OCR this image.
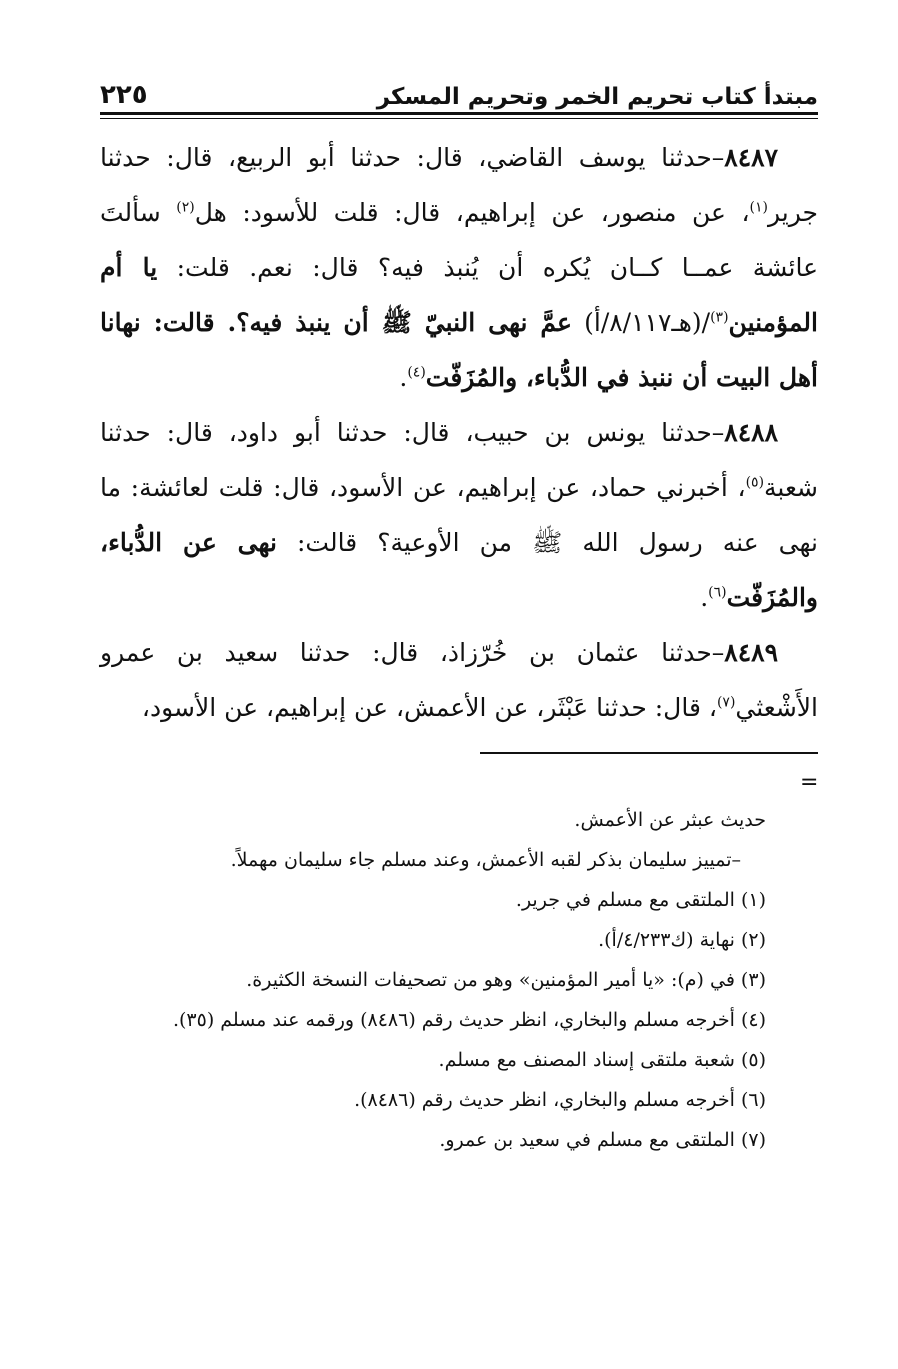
مبتدأ كتاب تحريم الخمر وتحريم المسكر
٢٢٥

٨٤٨٧–حدثنا يوسف القاضي، قال: حدثنا أبو الربيع، قال: حدثنا جرير$^{(١)}$، عن منصور، عن إبراهيم، قال: قلت للأسود: هل$^{(٢)}$ سألتَ عائشة عمــا كــان يُكره أن يُنبذ فيه؟ قال: نعم. قلت: يا أم المؤمنين$^{(٣)}$/(هـ٨/١١٧/أ) عمَّ نهى النبيّ ﷺ أن ينبذ فيه؟. قالت: نهانا أهل البيت أن ننبذ في الدُّباء، والمُزَفّت$^{(٤)}$.

٨٤٨٨–حدثنا يونس بن حبيب، قال: حدثنا أبو داود، قال: حدثنا شعبة$^{(٥)}$، أخبرني حماد، عن إبراهيم، عن الأسود، قال: قلت لعائشة: ما نهى عنه رسول الله ﷺ من الأوعية؟ قالت: نهى عن الدُّباء، والمُزَفّت$^{(٦)}$.

٨٤٨٩–حدثنا عثمان بن خُرّزاذ، قال: حدثنا سعيد بن عمرو الأَشْعثي$^{(٧)}$، قال: حدثنا عَبْثَر، عن الأعمش، عن إبراهيم، عن الأسود،

=

حديث عبثر عن الأعمش.

–تمييز سليمان بذكر لقبه الأعمش، وعند مسلم جاء سليمان مهملاً.

(١) الملتقى مع مسلم في جرير.

(٢) نهاية (ك٤/٢٣٣/أ).

(٣) في (م): «يا أمير المؤمنين» وهو من تصحيفات النسخة الكثيرة.

(٤) أخرجه مسلم والبخاري، انظر حديث رقم (٨٤٨٦) ورقمه عند مسلم (٣٥).

(٥) شعبة ملتقى إسناد المصنف مع مسلم.

(٦) أخرجه مسلم والبخاري، انظر حديث رقم (٨٤٨٦).

(٧) الملتقى مع مسلم في سعيد بن عمرو.
